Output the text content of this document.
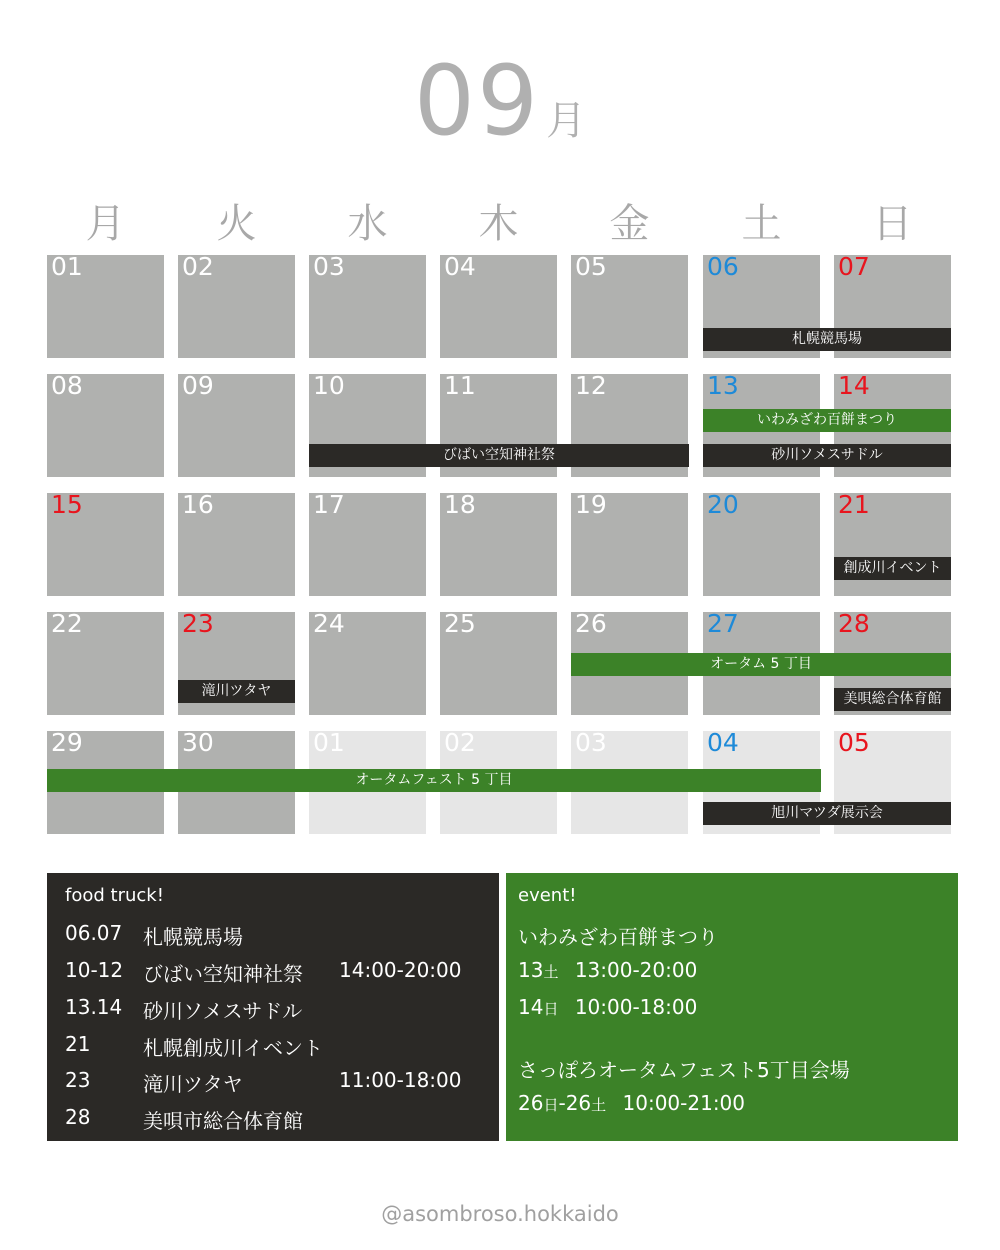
09 月
月	火	水	木	金	土	日
01	02	03	04	05	06	07
08	09	10	11	12	13	14
15	16	17	18	19	20	21
22	23	24	25	26	27	28
29	30	01	02	03	04	05
札幌競馬場
いわみざわ百餅まつり
びばい空知神社祭	砂川ソメスサドル
創成川イベント
オータム 5 丁目
滝川ツタヤ	美唄総合体育館
オータムフェスト 5 丁目
旭川マツダ展示会
food truck!
06.07 札幌競馬場
10-12 びばい空知神社祭 14:00-20:00
13.14 砂川ソメスサドル
21	札幌創成川イベント
23	滝川ツタヤ	11:00-18:00
28	美唄市総合体育館
event!
いわみざわ百餅まつり
13土 13:00-20:00
14日 10:00-18:00
さっぽろオータムフェスト5丁目会場
26日-26土 10:00-21:00
@asombroso.hokkaido
